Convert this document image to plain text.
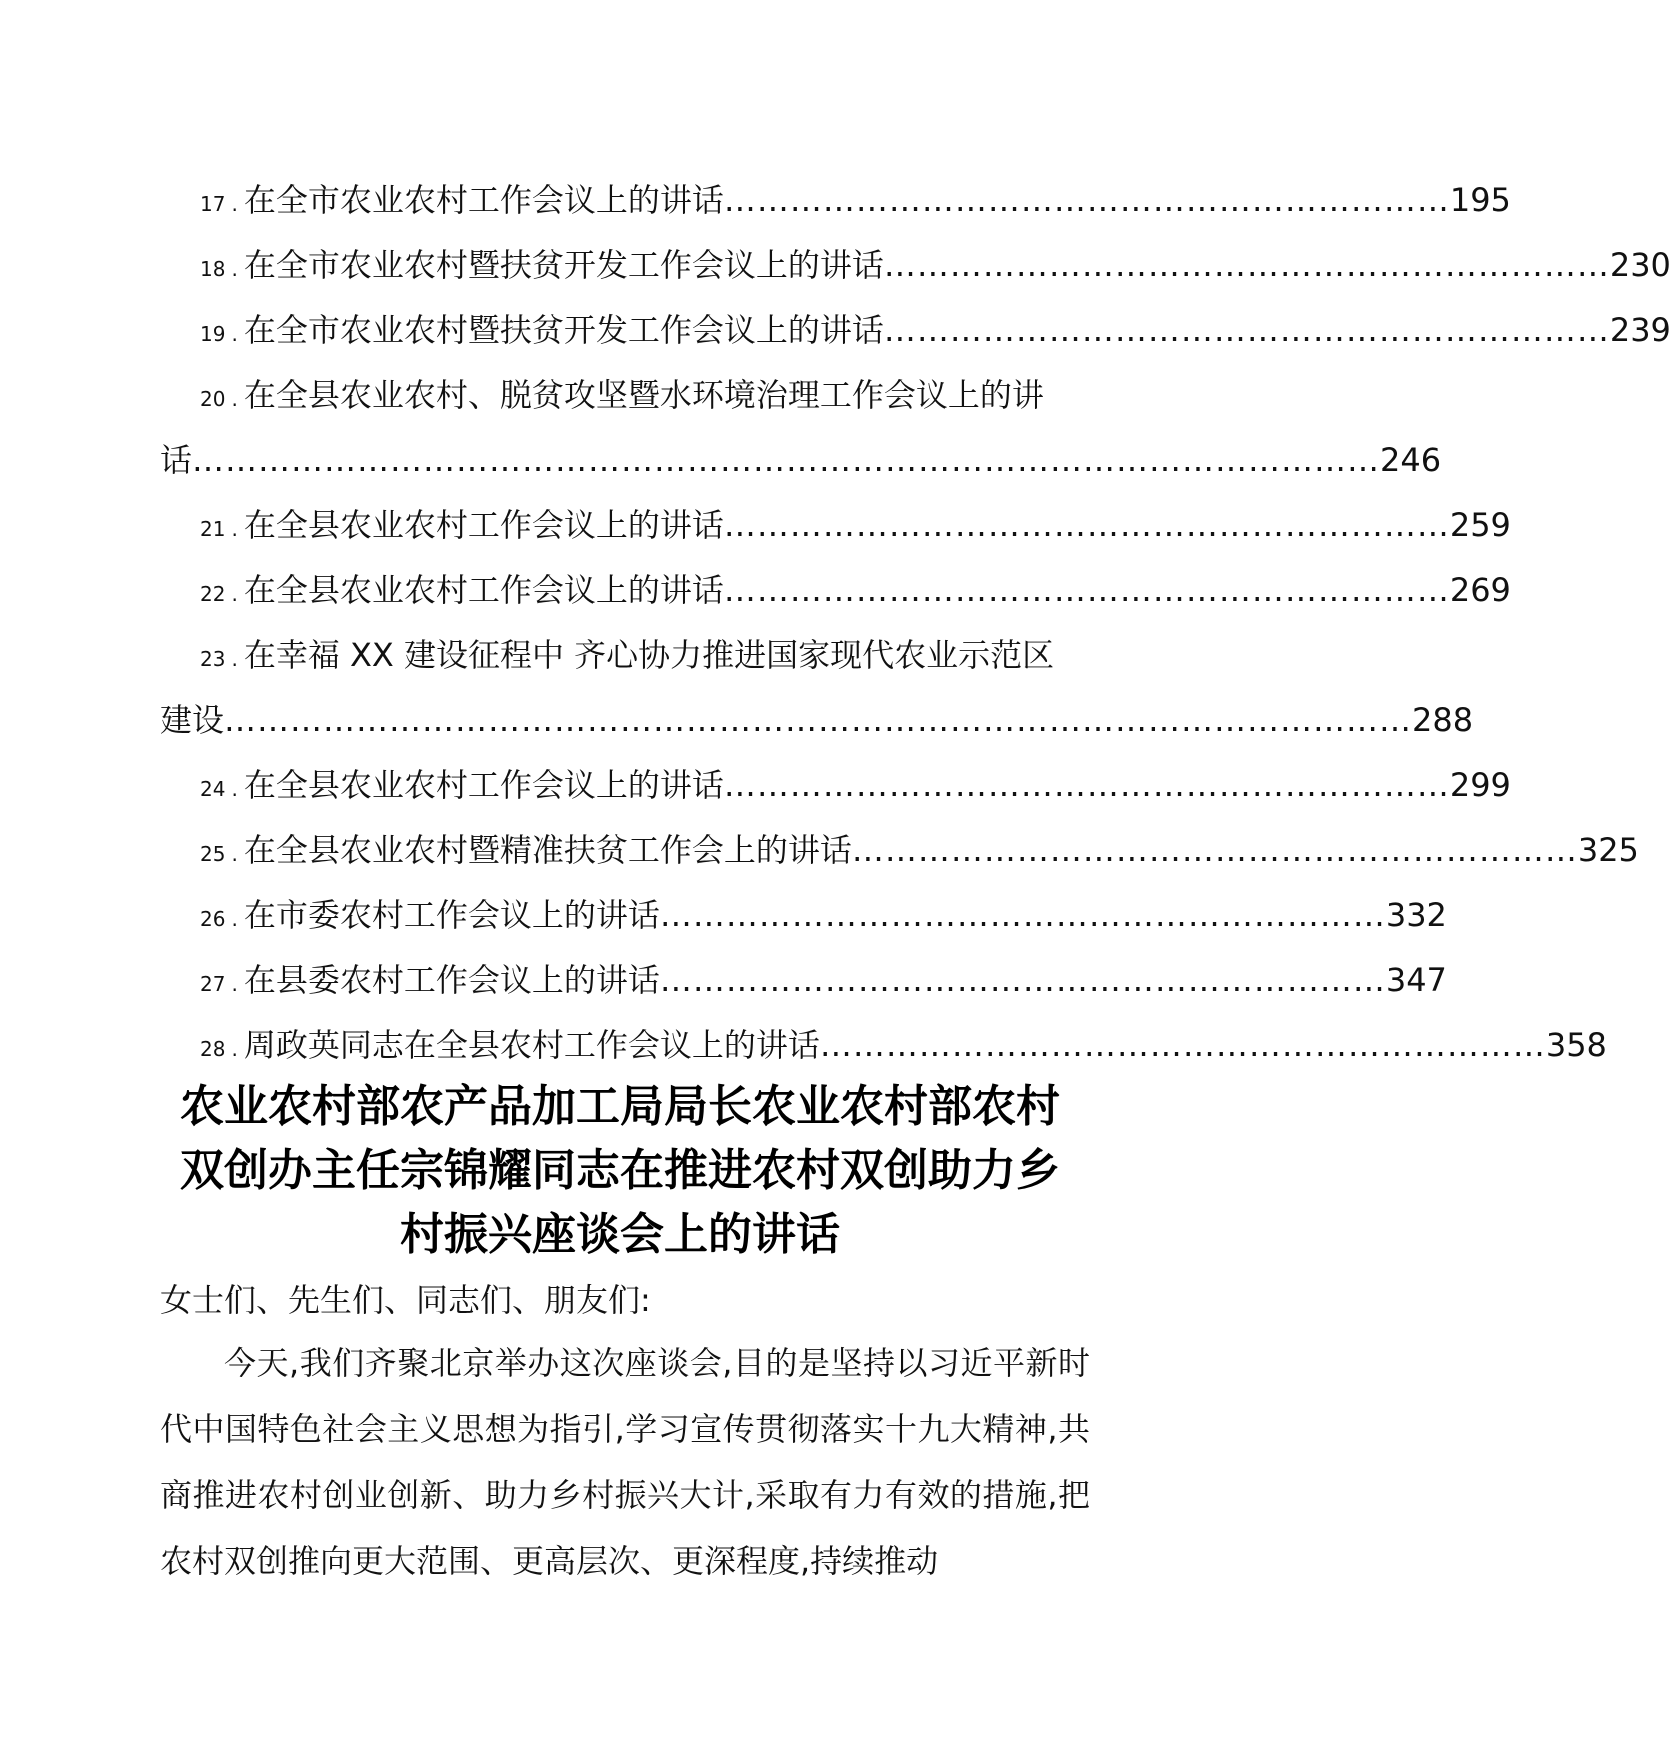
17 . 在全市农业农村工作会议上的讲话 ………………………………………………………… 195
18 . 在全市农业农村暨扶贫开发工作会议上的讲话 ………………………………………………………… 230
19 . 在全市农业农村暨扶贫开发工作会议上的讲话 ………………………………………………………… 239
20 . 在全县农业农村、脱贫攻坚暨水环境治理工作会议上的讲
话 ……………………………………………………………………………………………… 246
21 . 在全县农业农村工作会议上的讲话 ………………………………………………………… 259
22 . 在全县农业农村工作会议上的讲话 ………………………………………………………… 269
23 . 在幸福 XX 建设征程中 齐心协力推进国家现代农业示范区
建设 ……………………………………………………………………………………………… 288
24 . 在全县农业农村工作会议上的讲话 ………………………………………………………… 299
25 . 在全县农业农村暨精准扶贫工作会上的讲话 ………………………………………………………… 325
26 . 在市委农村工作会议上的讲话 ………………………………………………………… 332
27 . 在县委农村工作会议上的讲话 ………………………………………………………… 347
28 . 周政英同志在全县农村工作会议上的讲话 ………………………………………………………… 358
农业农村部农产品加工局局长农业农村部农村双创办主任宗锦耀同志在推进农村双创助力乡村振兴座谈会上的讲话
女士们、先生们、同志们、朋友们:
今天,我们齐聚北京举办这次座谈会,目的是坚持以习近平新时代中国特色社会主义思想为指引,学习宣传贯彻落实十九大精神,共商推进农村创业创新、助力乡村振兴大计,采取有力有效的措施,把农村双创推向更大范围、更高层次、更深程度,持续推动
